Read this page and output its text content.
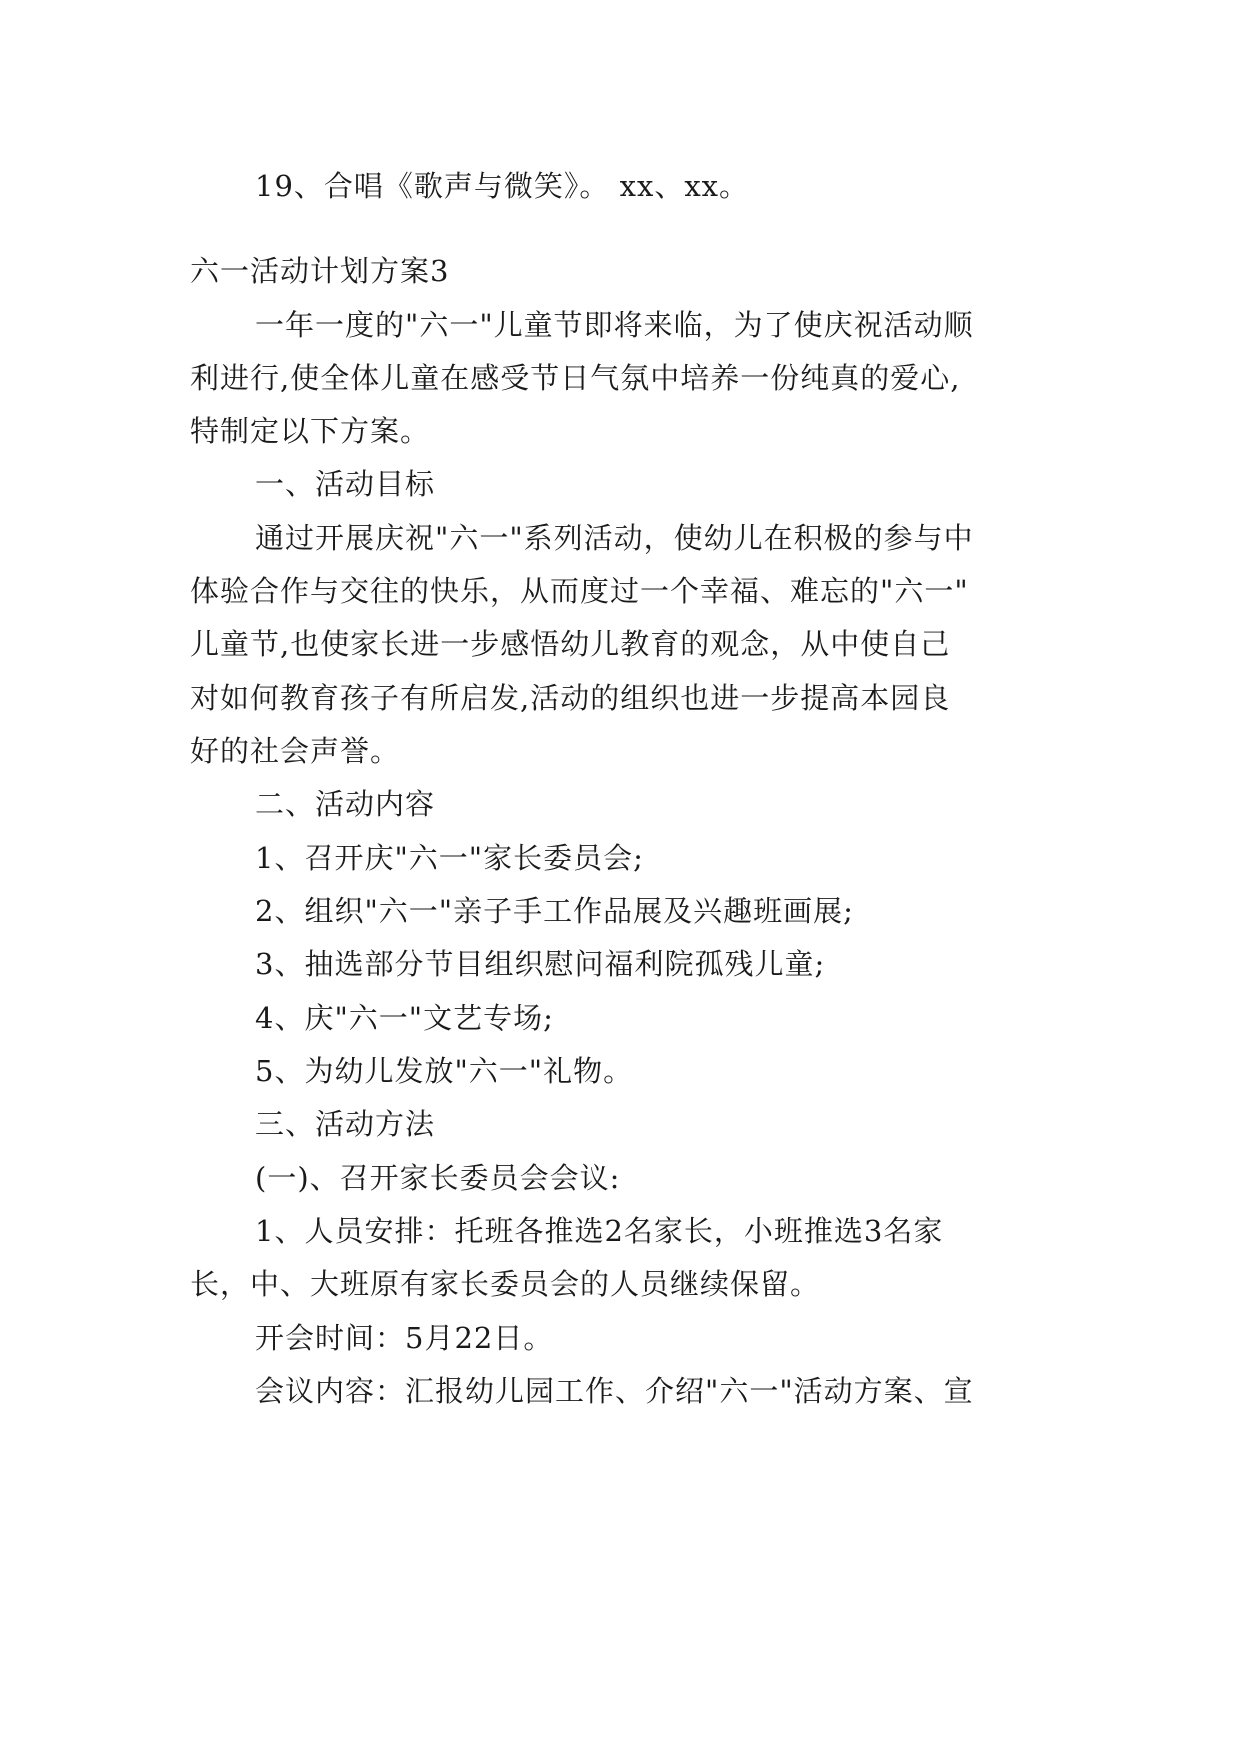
19、合唱《歌声与微笑》。 xx、xx。
六一活动计划方案3
一年一度的"六一"儿童节即将来临，为了使庆祝活动顺
利进行,使全体儿童在感受节日气氛中培养一份纯真的爱心,
特制定以下方案。
一、活动目标
通过开展庆祝"六一"系列活动，使幼儿在积极的参与中
体验合作与交往的快乐，从而度过一个幸福、难忘的"六一"
儿童节,也使家长进一步感悟幼儿教育的观念，从中使自己
对如何教育孩子有所启发,活动的组织也进一步提高本园良
好的社会声誉。
二、活动内容
1、召开庆"六一"家长委员会;
2、组织"六一"亲子手工作品展及兴趣班画展;
3、抽选部分节目组织慰问福利院孤残儿童;
4、庆"六一"文艺专场;
5、为幼儿发放"六一"礼物。
三、活动方法
(一)、召开家长委员会会议:
1、人员安排：托班各推选2名家长，小班推选3名家
长，中、大班原有家长委员会的人员继续保留。
开会时间：5月22日。
会议内容：汇报幼儿园工作、介绍"六一"活动方案、宣
